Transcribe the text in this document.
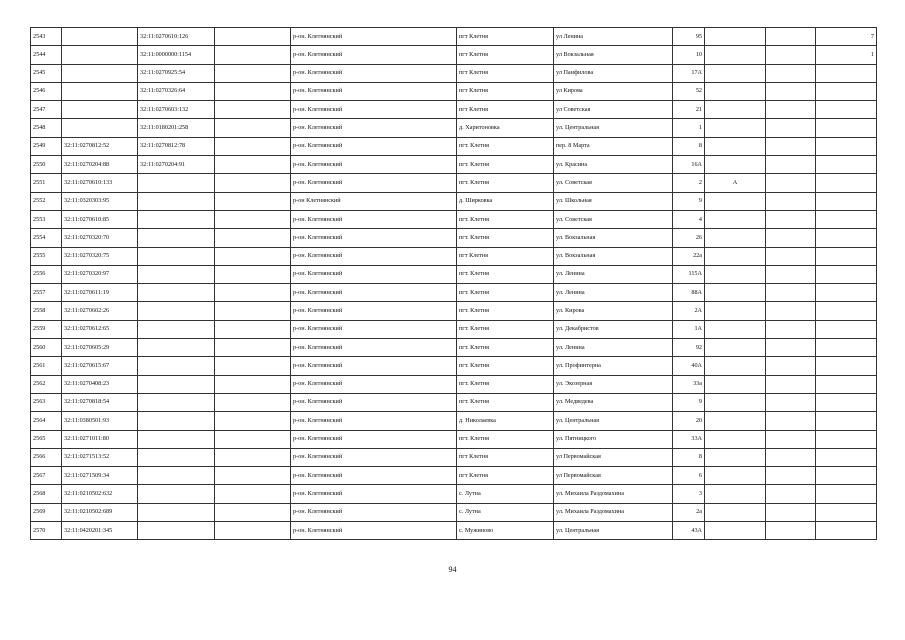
2543		32:11:0270610:126		р-он. Клетнянский	пгт Клетня	ул Ленина	95			7
2544		32:11:0000000:1154		р-он. Клетнянский	пгт Клетня	ул Вокзальная	10			1
2545		32:11:0270925:54		р-он. Клетнянский	пгт Клетня	ул Панфилова	17А			
2546		32:11:0270326:64		р-он. Клетнянский	пгт Клетня	ул Кирова	52			
2547		32:11:0270603:132		р-он. Клетнянский	пгт Клетня	ул Советская	21			
2548		32:11:0180201:258		р-он. Клетнянский	д. Харитоновка	ул. Центральная	1			
2549	32:11:0270812:52	32:11:0270812:78		р-он. Клетнянский	пгт. Клетня	пер. 8 Марта	8			
2550	32:11:0270204:88	32:11:0270204:91		р-он. Клетнянский	пгт. Клетня	ул. Красина	16А			
2551	32:11:0270610:133			р-он. Клетнянский	пгт. Клетня	ул. Советская	2	А		
2552	32:11:0320303:95			р-он Клетнянский	д. Ширковка	ул. Школьная	9			
2553	32:11:0270610:85			р-он. Клетнянский	пгт. Клетня	ул. Советская	4			
2554	32:11:0270320:70			р-он. Клетнянский	пгт. Клетня	ул. Вокзальная	26			
2555	32:11:0270320:75			р-он. Клетнянский	пгт Клетня	ул. Вокзальная	22а			
2556	32:11:0270320:97			р-он. Клетнянский	пгт. Клетня	ул. Ленина	115А			
2557	32:11:0270611:19			р-он. Клетнянский	пгт. Клетня	ул. Ленина	88А			
2558	32:11:0270602:26			р-он. Клетнянский	пгт. Клетня	ул. Кирова	2А			
2559	32:11:0270612:65			р-он. Клетнянский	пгт. Клетня	ул. Декабристов	1А			
2560	32:11:0270605:29			р-он. Клетнянский	пгт. Клетня	ул. Ленина	92			
2561	32:11:0270615:67			р-он. Клетнянский	пгт. Клетня	ул. Профинтерна	40А			
2562	32:11:0270408:23			р-он. Клетнянский	пгт. Клетня	ул. Экозерная	33а			
2563	32:11:0270818:54			р-он. Клетнянский	пгт. Клетня	ул. Медведева	9			
2564	32:11:0380501:93			р-он. Клетнянский	д. Николаевка	ул. Центральная	20			
2565	32:11:0271011:80			р-он. Клетнянский	пгт. Клетня	ул. Пятницкого	33А			
2566	32:11:0271513:52			р-он. Клетнянский	пгт Клетня	ул Первомайская	8			
2567	32:11:0271509:34			р-он. Клетнянский	пгт Клетня	ул Первомайская	6			
2568	32:11:0210502:632			р-он. Клетнянский	с. Лутна	ул. Михаила Раздомахина	3			
2569	32:11:0210502:689			р-он. Клетнянский	с. Лутна	ул. Михаила Раздомахина	2а			
2570	32:11:0420201:345			р-он. Клетнянский	с. Мужиново	ул. Центральная	43А			
94
